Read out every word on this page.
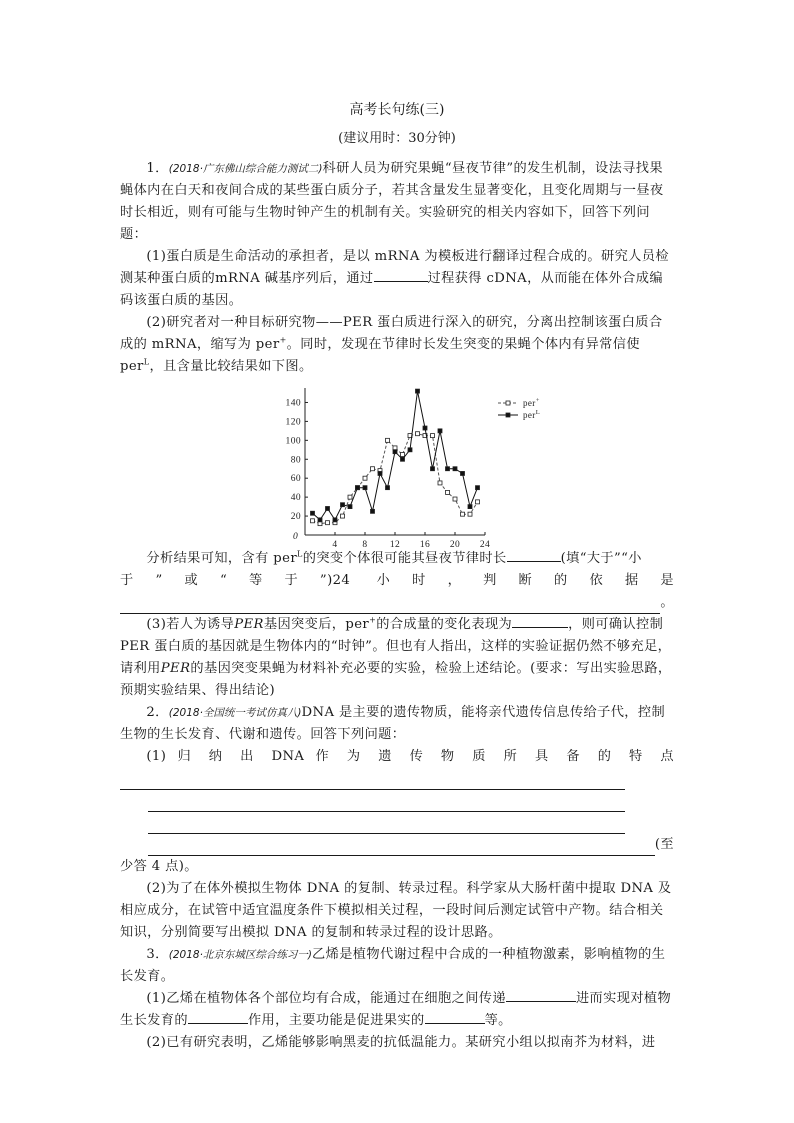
高考长句练(三)
(建议用时：30分钟)

1．(2018·广东佛山综合能力测试二)科研人员为研究果蝇“昼夜节律”的发生机制，设法寻找果蝇体内在白天和夜间合成的某些蛋白质分子，若其含量发生显著变化，且变化周期与一昼夜时长相近，则有可能与生物时钟产生的机制有关。实验研究的相关内容如下，回答下列问题：

(1)蛋白质是生命活动的承担者，是以 mRNA 为模板进行翻译过程合成的。研究人员检测某种蛋白质的mRNA 碱基序列后，通过	过程获得 cDNA，从而能在体外合成编码该蛋白质的基因。

(2)研究者对一种目标研究物——PER 蛋白质进行深入的研究，分离出控制该蛋白质合成的 mRNA，缩写为 per+。同时，发现在节律时长发生突变的果蝇个体内有异常信使 per$^L$，且含量比较结果如下图。

20
40
60
80
100
120
140
4	8 12 16 20 24
0
per+
per$^L$

分析结果可知，含有 per$^L$的突变个体很可能其昼夜节律时长	(填“大于”“小

于”或“等于”)24 小时，判断的依据是

。

(3)若人为诱导PER基因突变后，per+的合成量的变化表现为	，则可确认控制 PER 蛋白质的基因就是生物体内的“时钟”。但也有人指出，这样的实验证据仍然不够充足，请利用PER的基因突变果蝇为材料补充必要的实验，检验上述结论。(要求：写出实验思路，预期实验结果、得出结论)

2．(2018·全国统一考试仿真八)DNA 是主要的遗传物质，能将亲代遗传信息传给子代，控制生物的生长发育、代谢和遗传。回答下列问题：

(1) 归 纳 出 DNA 作 为 遗 传 物 质 所 具 备 的 特 点

(至

少答 4 点)。

(2)为了在体外模拟生物体 DNA 的复制、转录过程。科学家从大肠杆菌中提取 DNA 及相应成分，在试管中适宜温度条件下模拟相关过程，一段时间后测定试管中产物。结合相关知识，分别简要写出模拟 DNA 的复制和转录过程的设计思路。

3．(2018·北京东城区综合练习一)乙烯是植物代谢过程中合成的一种植物激素，影响植物的生长发育。

(1)乙烯在植物体各个部位均有合成，能通过在细胞之间传递	进而实现对植物生长发育的	作用，主要功能是促进果实的	等。

(2)已有研究表明，乙烯能够影响黑麦的抗低温能力。某研究小组以拟南芥为材料，进
